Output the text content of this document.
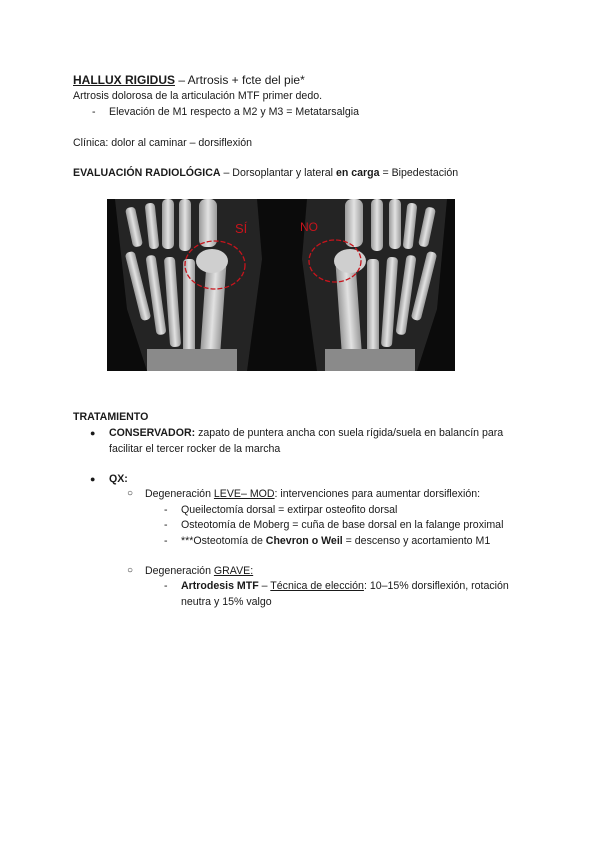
HALLUX RIGIDUS – Artrosis + fcte del pie*
Artrosis dolorosa de la articulación MTF primer dedo.
- Elevación de M1 respecto a M2 y M3 = Metatarsalgia
Clínica: dolor al caminar – dorsiflexión
EVALUACIÓN RADIOLÓGICA – Dorsoplantar y lateral en carga = Bipedestación
SÍ	NO
TRATAMIENTO
● CONSERVADOR: zapato de puntera ancha con suela rígida/suela en balancín para
facilitar el tercer rocker de la marcha
● QX:
○ Degeneración LEVE– MOD: intervenciones para aumentar dorsiflexión:
- Queilectomía dorsal = extirpar osteofito dorsal
- Osteotomía de Moberg = cuña de base dorsal en la falange proximal
- ***Osteotomía de Chevron o Weil = descenso y acortamiento M1
○ Degeneración GRAVE:
- Artrodesis MTF – Técnica de elección: 10–15% dorsiflexión, rotación
neutra y 15% valgo
